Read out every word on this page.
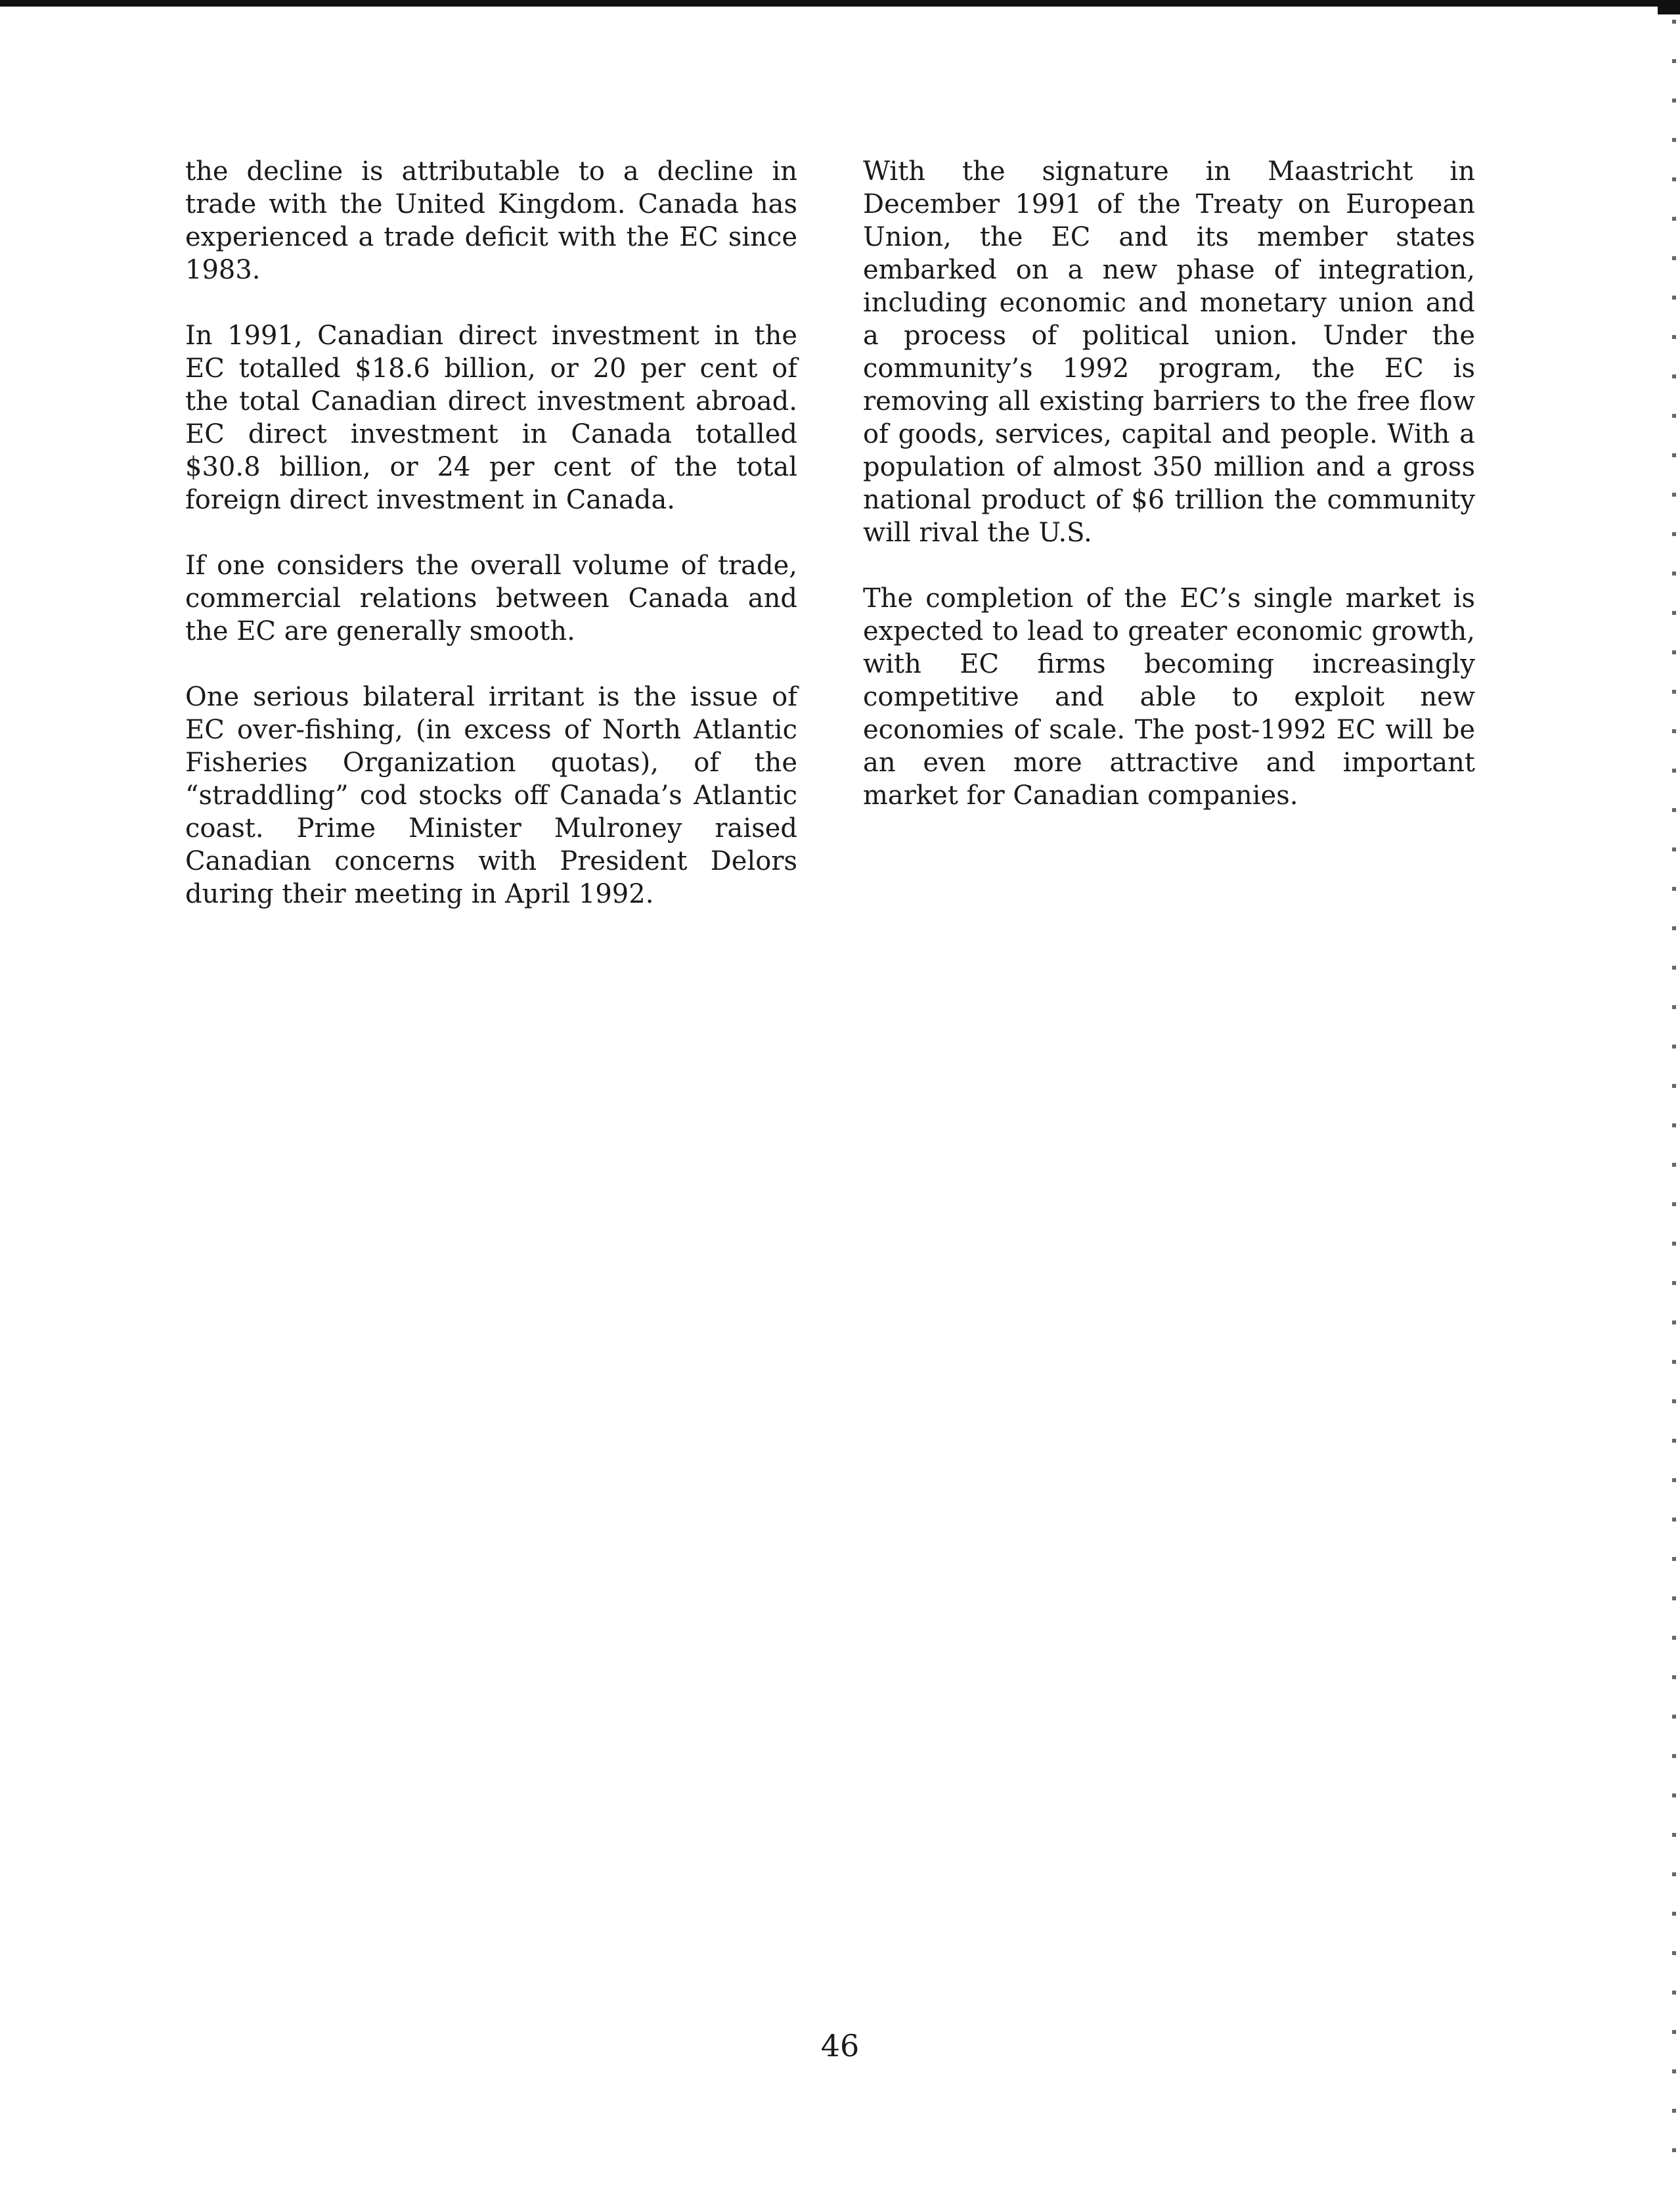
the decline is attributable to a decline in trade with the United Kingdom. Canada has experienced a trade deficit with the EC since 1983.

In 1991, Canadian direct investment in the EC totalled $18.6 billion, or 20 per cent of the total Canadian direct investment abroad. EC direct investment in Canada totalled $30.8 billion, or 24 per cent of the total foreign direct investment in Canada.

If one considers the overall volume of trade, commercial relations between Canada and the EC are generally smooth.

One serious bilateral irritant is the issue of EC over-fishing, (in excess of North Atlantic Fisheries Organization quotas), of the “straddling” cod stocks off Canada’s Atlantic coast. Prime Minister Mulroney raised Canadian concerns with President Delors during their meeting in April 1992.

With the signature in Maastricht in December 1991 of the Treaty on European Union, the EC and its member states embarked on a new phase of integration, including economic and monetary union and a process of political union. Under the community’s 1992 program, the EC is removing all existing barriers to the free flow of goods, services, capital and people. With a population of almost 350 million and a gross national product of $6 trillion the community will rival the U.S.

The completion of the EC’s single market is expected to lead to greater economic growth, with EC firms becoming increasingly competitive and able to exploit new economies of scale. The post-1992 EC will be an even more attractive and important market for Canadian companies.

46
